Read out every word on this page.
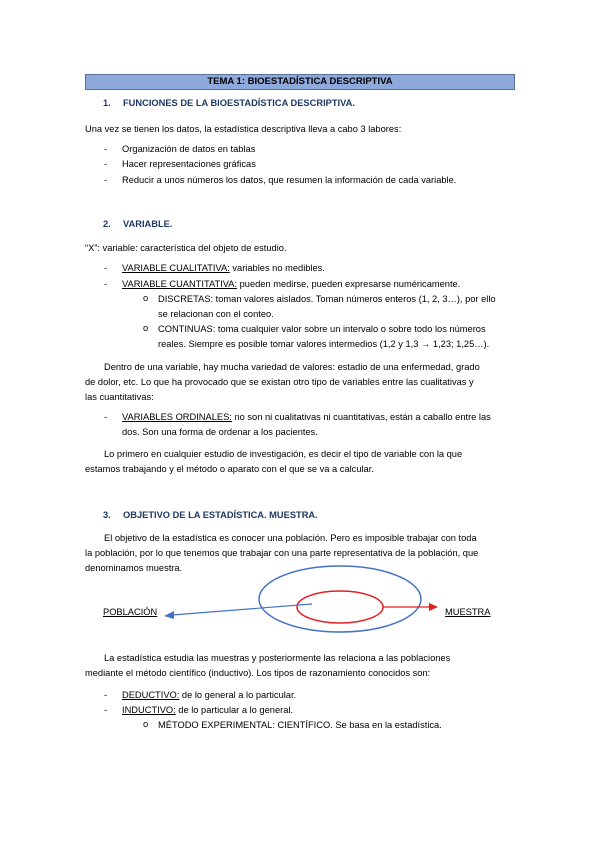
TEMA 1: BIOESTADÍSTICA DESCRIPTIVA
1. FUNCIONES DE LA BIOESTADÍSTICA DESCRIPTIVA.
Una vez se tienen los datos, la estadística descriptiva lleva a cabo 3 labores:
- Organización de datos en tablas
- Hacer representaciones gráficas
- Reducir a unos números los datos, que resumen la información de cada variable.
2. VARIABLE.
“X”: variable: característica del objeto de estudio.
- VARIABLE CUALITATIVA: variables no medibles.
- VARIABLE CUANTITATIVA: pueden medirse, pueden expresarse numéricamente.
o DISCRETAS: toman valores aislados. Toman números enteros (1, 2, 3…), por ello
se relacionan con el conteo.
o CONTINUAS: toma cualquier valor sobre un intervalo o sobre todo los números
reales. Siempre es posible tomar valores intermedios (1,2 y 1,3 → 1,23; 1,25…).
Dentro de una variable, hay mucha variedad de valores: estadio de una enfermedad, grado
de dolor, etc. Lo que ha provocado que se existan otro tipo de variables entre las cualitativas y
las cuantitativas:
- VARIABLES ORDINALES: no son ni cualitativas ni cuantitativas, están a caballo entre las
dos. Son una forma de ordenar a los pacientes.
Lo primero en cualquier estudio de investigación, es decir el tipo de variable con la que
estamos trabajando y el método o aparato con el que se va a calcular.
3. OBJETIVO DE LA ESTADÍSTICA. MUESTRA.
El objetivo de la estadística es conocer una población. Pero es imposible trabajar con toda
la población, por lo que tenemos que trabajar con una parte representativa de la población, que
denominamos muestra.
POBLACIÓN	MUESTRA
La estadística estudia las muestras y posteriormente las relaciona a las poblaciones
mediante el método científico (inductivo). Los tipos de razonamiento conocidos son:
- DEDUCTIVO: de lo general a lo particular.
- INDUCTIVO: de lo particular a lo general.
o MÉTODO EXPERIMENTAL: CIENTÍFICO. Se basa en la estadística.
